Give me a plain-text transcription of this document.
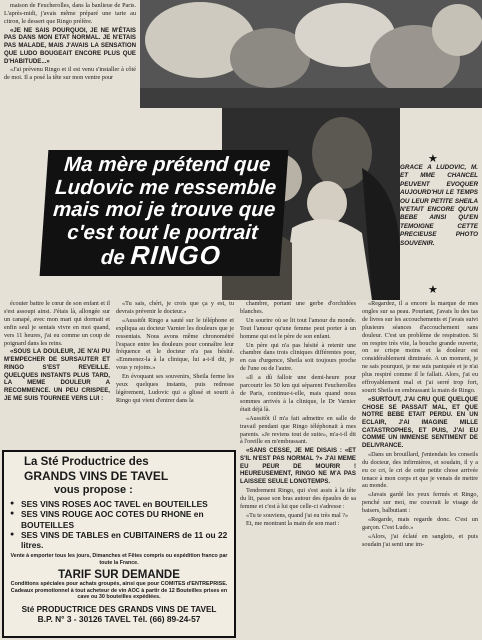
maison de Feucherolles, dans la banlieue de Paris. L'après-midi, j'avais même préparé une tarte au citron, le dessert que Ringo préfère.

«JE NE SAIS POURQUOI, JE NE M'ÉTAIS PAS DANS MON ETAT NORMAL. JE N'ETAIS PAS MALADE, MAIS J'AVAIS LA SENSATION QUE LUDO BOUGEAIT ENCORE PLUS QUE D'HABITUDE...»

«J'ai prévenu Ringo et il est venu s'installer à côté de moi. Il a posé la tête sur mon ventre pour

Ma mère prétend que
Ludovic me ressemble
mais moi je trouve que
c'est tout le portrait
de RINGO
★
GRACE A LUDOVIC, M. ET MME CHANCEL PEUVENT EVOQUER AUJOURD'HUI LE TEMPS OU LEUR PETITE SHEILA N'ETAIT ENCORE QU'UN BEBE AINSI QU'EN TEMOIGNE CETTE PRECIEUSE PHOTO SOUVENIR.
★

écouter battre le cœur de son enfant et il s'est assoupi ainsi. J'étais là, allongée sur un canapé, avec mon mari qui dormait et enfin seul je sentais vivre en moi quand, vers 11 heures, j'ai eu comme un coup de poignard dans les reins.

«SOUS LA DOULEUR, JE N'AI PU M'EMPECHER DE SURSAUTER ET RINGO S'EST REVEILLE. QUELQUES INSTANTS PLUS TARD, LA MEME DOULEUR A RECOMMENCE. UN PEU CRISPEE, JE ME SUIS TOURNEE VERS LUI :

«Tu sais, chéri, je crois que ça y est, tu devrais prévenir le docteur.»

«Aussitôt Ringo a sauté sur le téléphone et expliqua au docteur Varnier les douleurs que je ressentais. Nous avons même chronométré l'espace entre les douleurs pour connaître leur fréquence et le docteur n'a pas hésité. «Emmenez-la à la clinique, lui a-t-il dit, je vous y rejoins.»

En évoquant ses souvenirs, Sheila ferme les yeux quelques instants, puis redresse légèrement, Ludovic qui a glissé et sourit à Ringo qui vient d'entrer dans la

chambre, portant une gerbe d'orchidées blanches.

Un sourire où se lit tout l'amour du monde. Tout l'amour qu'une femme peut porter à un homme qui est le père de son enfant.

Un père qui n'a pas hésité à retenir une chambre dans trois cliniques différentes pour, en cas d'urgence, Sheila soit toujours proche de l'une ou de l'autre.

«Il a dû falloir une demi-heure pour parcourir les 50 km qui séparent Feucherolles de Paris, continue-t-elle, mais quand nous sommes arrivés à la clinique, le Dr Varnier était déjà là.

«Aussitôt il m'a fait admettre en salle de travail pendant que Ringo téléphonait à mes parents. «Je reviens tout de suite», m'a-t-il dit à l'oreille en m'embrassant.

«SANS CESSE, JE ME DISAIS : «ET S'IL N'EST PAS NORMAL ?» J'AI MEME EU PEUR DE MOURIR ! HEUREUSEMENT, RINGO NE M'A PAS LAISSEE SEULE LONGTEMPS.

Tendrement Ringo, qui s'est assis à la tête du lit, passe son bras autour des épaules de sa femme et c'est à lui que celle-ci s'adresse :

«Tu te souviens, quand j'ai eu très mal ?»

Et, me montrant la main de son mari :

«Regardez, il a encore la marque de mes ongles sur sa peau. Pourtant, j'avais lu des tas de livres sur les accouchements et j'avais suivi plusieurs séances d'accouchement sans douleur. C'est un problème de respiration. Si on respire très vite, la bouche grande ouverte, on se crispe moins et la douleur est considérablement diminuée. A un moment, je ne sais pourquoi, je me suis paniquée et je n'ai plus respiré comme il le fallait. Alors, j'ai eu effroyablement mal et j'ai serré trop fort, sourit Sheila en embrassant la main de Ringo.

«SURTOUT, J'AI CRU QUE QUELQUE CHOSE SE PASSAIT MAL, ET QUE NOTRE BEBE ETAIT PERDU. EN UN ECLAIR, J'AI IMAGINE MILLE CATASTROPHES, ET PUIS, J'AI EU COMME UN IMMENSE SENTIMENT DE DELIVRANCE.

«Dans un brouillard, j'entendais les conseils du docteur, des infirmières, et soudain, il y a eu ce cri, le cri de cette petite chose arrivée tenace à mon corps et que je venais de mettre au monde.

«Javais gardé les yeux fermés et Ringo, penché sur moi, me couvrait le visage de baisers, balbutiant :

«Regarde, mais regarde donc. C'est un garçon. C'est Ludo.»

«Alors, j'ai éclaté en sanglots, et puis soudain j'ai senti une im-

La Sté Productrice des
GRANDS VINS DE TAVEL
vous propose :
● SES VINS ROSES AOC TAVEL en BOUTEILLES
● SES VINS ROUGE AOC COTES DU RHONE en BOUTEILLES
● SES VINS DE TABLES en CUBITAINERS de 11 ou 22 litres.
Vente à emporter tous les jours, Dimanches et Fêtes compris ou expédition franco par toute la France.
TARIF SUR DEMANDE
Conditions spéciales pour achats groupés, ainsi que pour COMITES d'ENTREPRISE. Cadeaux promotionnel à tout acheteur de vin AOC à partir de 12 Bouteilles prises en cave ou 30 bouteilles expédiées.
Sté PRODUCTRICE DES GRANDS VINS DE TAVEL
B.P. N° 3 - 30126 TAVEL Tél. (66) 89-24-57
